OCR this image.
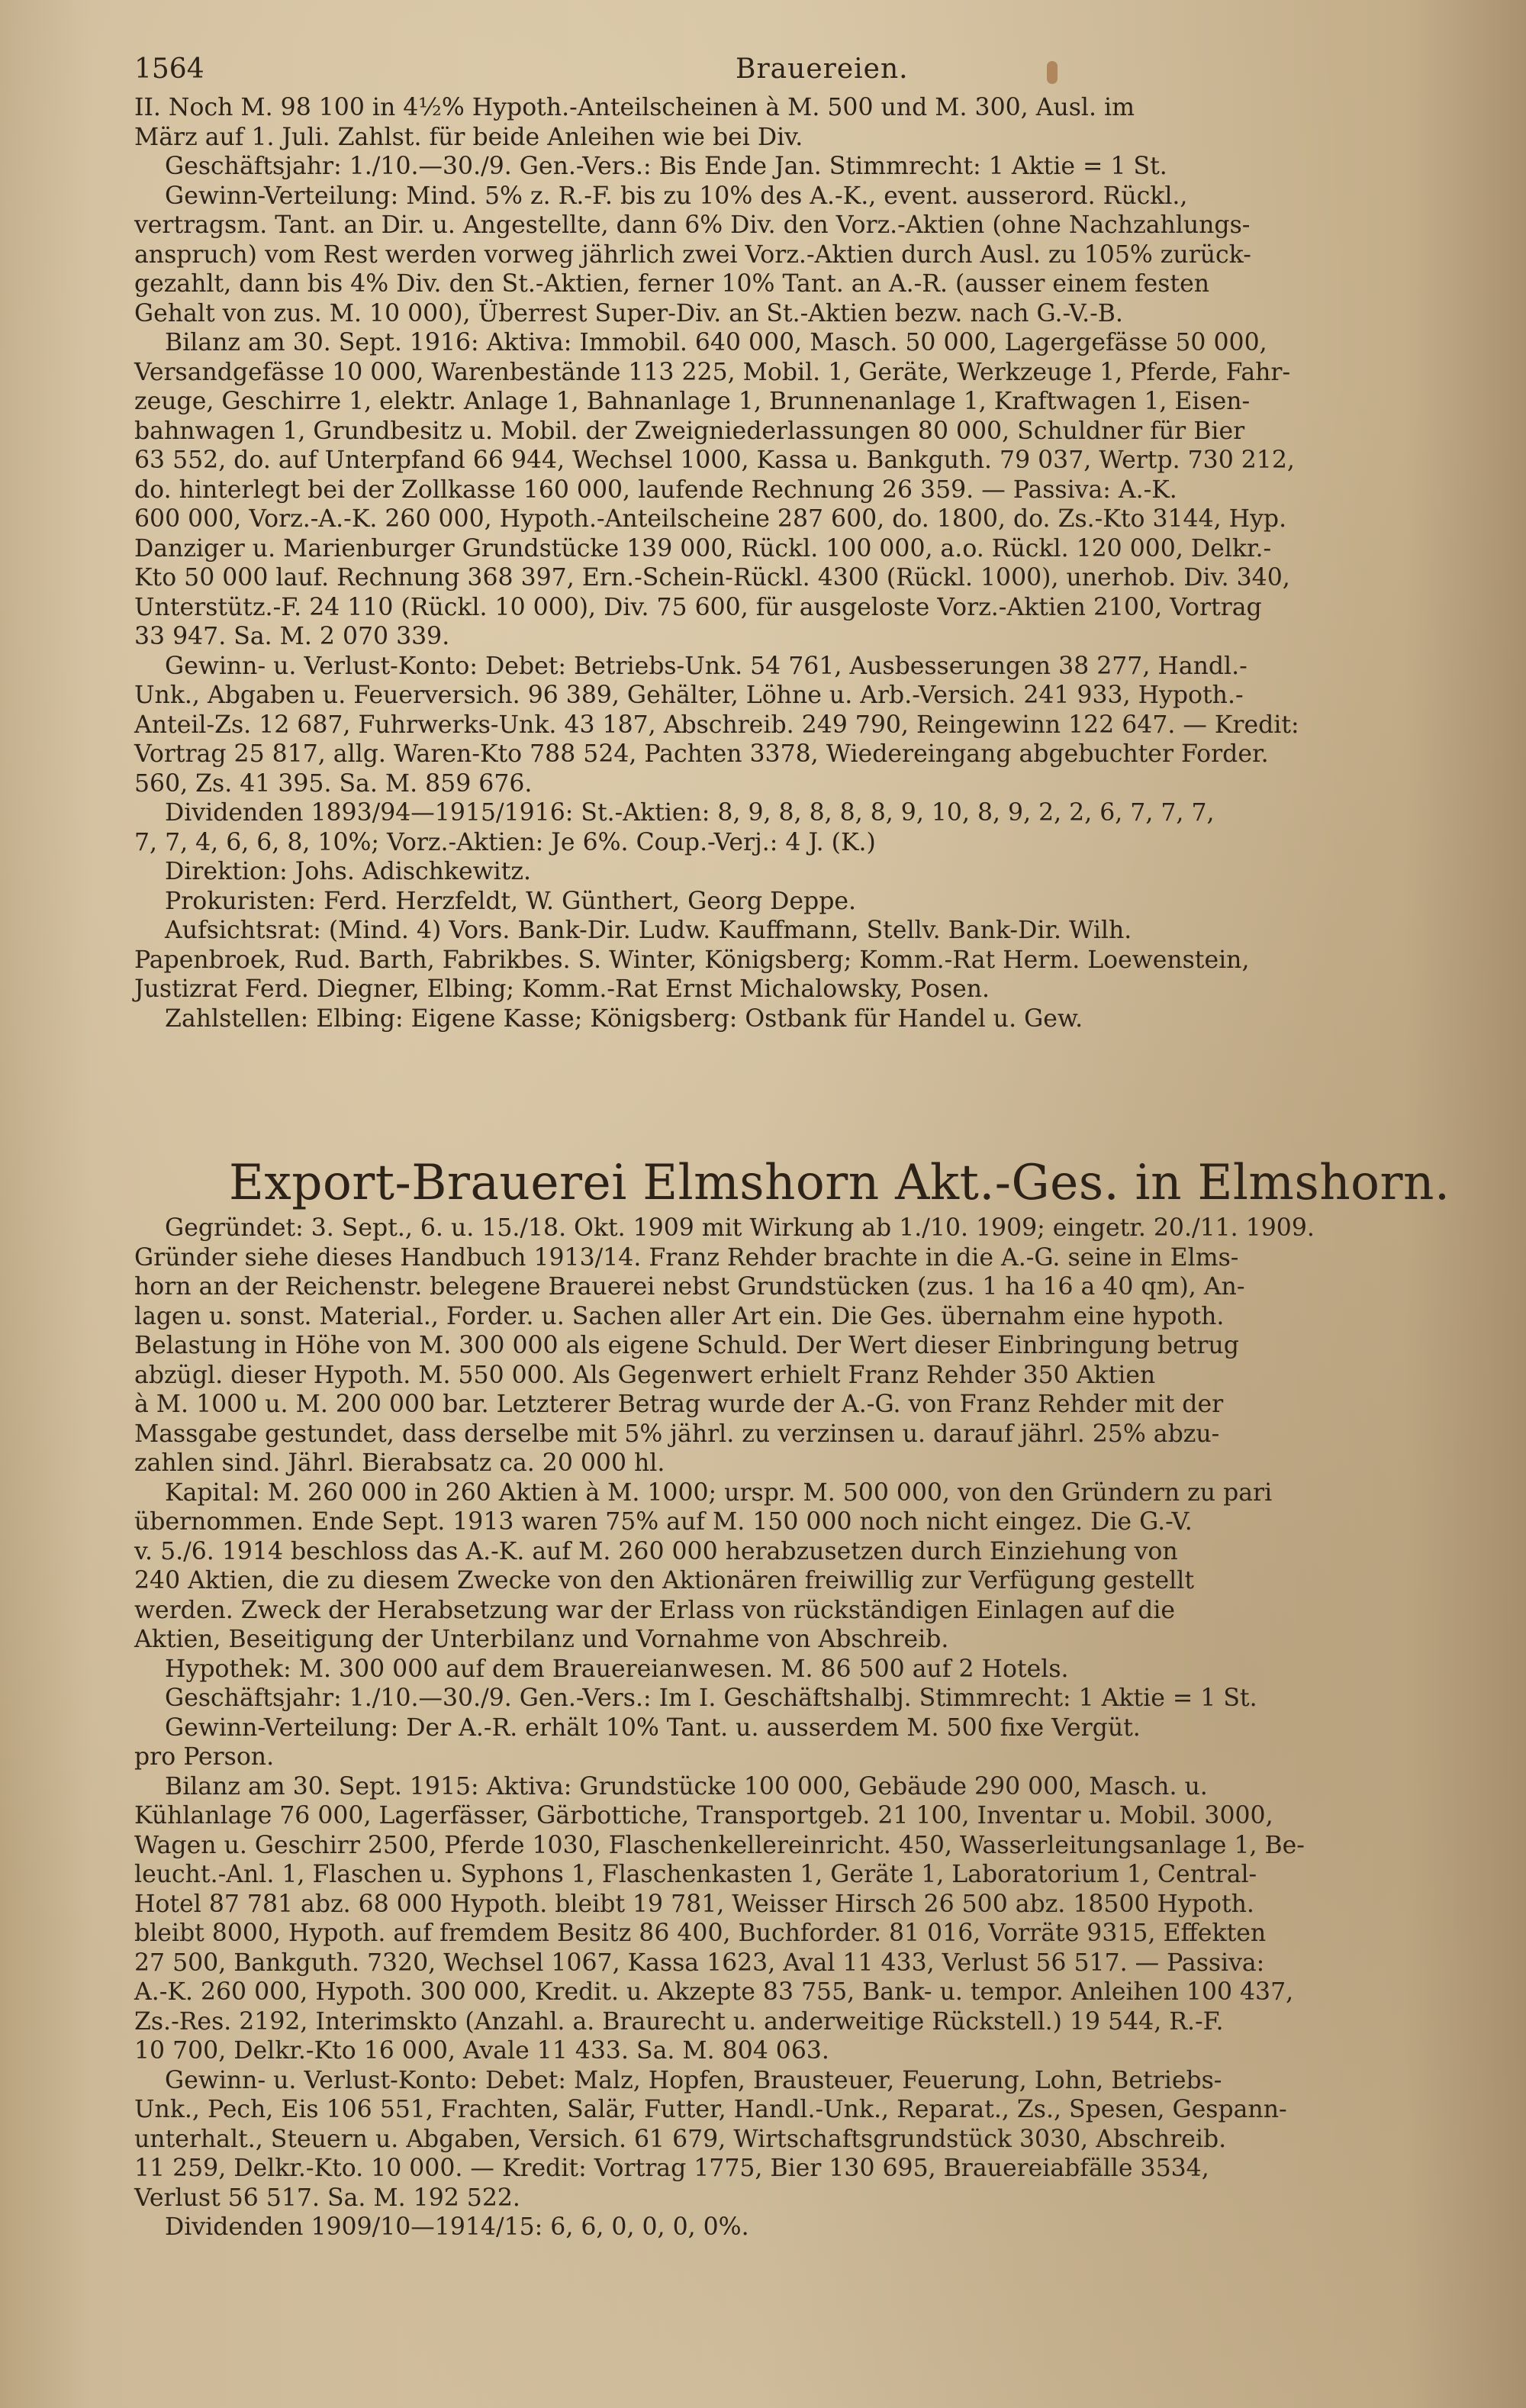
1564	Brauereien.

II. Noch M. 98 100 in 4½% Hypoth.-Anteilscheinen à M. 500 und M. 300, Ausl. im

März auf 1. Juli. Zahlst. für beide Anleihen wie bei Div.

Geschäftsjahr: 1./10.—30./9. Gen.-Vers.: Bis Ende Jan. Stimmrecht: 1 Aktie = 1 St.

Gewinn-Verteilung: Mind. 5% z. R.-F. bis zu 10% des A.-K., event. ausserord. Rückl.,

vertragsm. Tant. an Dir. u. Angestellte, dann 6% Div. den Vorz.-Aktien (ohne Nachzahlungs-

anspruch) vom Rest werden vorweg jährlich zwei Vorz.-Aktien durch Ausl. zu 105% zurück-

gezahlt, dann bis 4% Div. den St.-Aktien, ferner 10% Tant. an A.-R. (ausser einem festen

Gehalt von zus. M. 10 000), Überrest Super-Div. an St.-Aktien bezw. nach G.-V.-B.

Bilanz am 30. Sept. 1916: Aktiva: Immobil. 640 000, Masch. 50 000, Lagergefässe 50 000,

Versandgefässe 10 000, Warenbestände 113 225, Mobil. 1, Geräte, Werkzeuge 1, Pferde, Fahr-

zeuge, Geschirre 1, elektr. Anlage 1, Bahnanlage 1, Brunnenanlage 1, Kraftwagen 1, Eisen-

bahnwagen 1, Grundbesitz u. Mobil. der Zweigniederlassungen 80 000, Schuldner für Bier

63 552, do. auf Unterpfand 66 944, Wechsel 1000, Kassa u. Bankguth. 79 037, Wertp. 730 212,

do. hinterlegt bei der Zollkasse 160 000, laufende Rechnung 26 359. — Passiva: A.-K.

600 000, Vorz.-A.-K. 260 000, Hypoth.-Anteilscheine 287 600, do. 1800, do. Zs.-Kto 3144, Hyp.

Danziger u. Marienburger Grundstücke 139 000, Rückl. 100 000, a.o. Rückl. 120 000, Delkr.-

Kto 50 000 lauf. Rechnung 368 397, Ern.-Schein-Rückl. 4300 (Rückl. 1000), unerhob. Div. 340,

Unterstütz.-F. 24 110 (Rückl. 10 000), Div. 75 600, für ausgeloste Vorz.-Aktien 2100, Vortrag

33 947. Sa. M. 2 070 339.

Gewinn- u. Verlust-Konto: Debet: Betriebs-Unk. 54 761, Ausbesserungen 38 277, Handl.-

Unk., Abgaben u. Feuerversich. 96 389, Gehälter, Löhne u. Arb.-Versich. 241 933, Hypoth.-

Anteil-Zs. 12 687, Fuhrwerks-Unk. 43 187, Abschreib. 249 790, Reingewinn 122 647. — Kredit:

Vortrag 25 817, allg. Waren-Kto 788 524, Pachten 3378, Wiedereingang abgebuchter Forder.

560, Zs. 41 395. Sa. M. 859 676.

Dividenden 1893/94—1915/1916: St.-Aktien: 8, 9, 8, 8, 8, 8, 9, 10, 8, 9, 2, 2, 6, 7, 7, 7,

7, 7, 4, 6, 6, 8, 10%; Vorz.-Aktien: Je 6%. Coup.-Verj.: 4 J. (K.)

Direktion: Johs. Adischkewitz.

Prokuristen: Ferd. Herzfeldt, W. Günthert, Georg Deppe.

Aufsichtsrat: (Mind. 4) Vors. Bank-Dir. Ludw. Kauffmann, Stellv. Bank-Dir. Wilh.

Papenbroek, Rud. Barth, Fabrikbes. S. Winter, Königsberg; Komm.-Rat Herm. Loewenstein,

Justizrat Ferd. Diegner, Elbing; Komm.-Rat Ernst Michalowsky, Posen.

Zahlstellen: Elbing: Eigene Kasse; Königsberg: Ostbank für Handel u. Gew.

Export-Brauerei Elmshorn Akt.-Ges. in Elmshorn.

Gegründet: 3. Sept., 6. u. 15./18. Okt. 1909 mit Wirkung ab 1./10. 1909; eingetr. 20./11. 1909.

Gründer siehe dieses Handbuch 1913/14. Franz Rehder brachte in die A.-G. seine in Elms-

horn an der Reichenstr. belegene Brauerei nebst Grundstücken (zus. 1 ha 16 a 40 qm), An-

lagen u. sonst. Material., Forder. u. Sachen aller Art ein. Die Ges. übernahm eine hypoth.

Belastung in Höhe von M. 300 000 als eigene Schuld. Der Wert dieser Einbringung betrug

abzügl. dieser Hypoth. M. 550 000. Als Gegenwert erhielt Franz Rehder 350 Aktien

à M. 1000 u. M. 200 000 bar. Letzterer Betrag wurde der A.-G. von Franz Rehder mit der

Massgabe gestundet, dass derselbe mit 5% jährl. zu verzinsen u. darauf jährl. 25% abzu-

zahlen sind. Jährl. Bierabsatz ca. 20 000 hl.

Kapital: M. 260 000 in 260 Aktien à M. 1000; urspr. M. 500 000, von den Gründern zu pari

übernommen. Ende Sept. 1913 waren 75% auf M. 150 000 noch nicht eingez. Die G.-V.

v. 5./6. 1914 beschloss das A.-K. auf M. 260 000 herabzusetzen durch Einziehung von

240 Aktien, die zu diesem Zwecke von den Aktionären freiwillig zur Verfügung gestellt

werden. Zweck der Herabsetzung war der Erlass von rückständigen Einlagen auf die

Aktien, Beseitigung der Unterbilanz und Vornahme von Abschreib.

Hypothek: M. 300 000 auf dem Brauereianwesen. M. 86 500 auf 2 Hotels.

Geschäftsjahr: 1./10.—30./9. Gen.-Vers.: Im I. Geschäftshalbj. Stimmrecht: 1 Aktie = 1 St.

Gewinn-Verteilung: Der A.-R. erhält 10% Tant. u. ausserdem M. 500 fixe Vergüt.

pro Person.

Bilanz am 30. Sept. 1915: Aktiva: Grundstücke 100 000, Gebäude 290 000, Masch. u.

Kühlanlage 76 000, Lagerfässer, Gärbottiche, Transportgeb. 21 100, Inventar u. Mobil. 3000,

Wagen u. Geschirr 2500, Pferde 1030, Flaschenkellereinricht. 450, Wasserleitungsanlage 1, Be-

leucht.-Anl. 1, Flaschen u. Syphons 1, Flaschenkasten 1, Geräte 1, Laboratorium 1, Central-

Hotel 87 781 abz. 68 000 Hypoth. bleibt 19 781, Weisser Hirsch 26 500 abz. 18500 Hypoth.

bleibt 8000, Hypoth. auf fremdem Besitz 86 400, Buchforder. 81 016, Vorräte 9315, Effekten

27 500, Bankguth. 7320, Wechsel 1067, Kassa 1623, Aval 11 433, Verlust 56 517. — Passiva:

A.-K. 260 000, Hypoth. 300 000, Kredit. u. Akzepte 83 755, Bank- u. tempor. Anleihen 100 437,

Zs.-Res. 2192, Interimskto (Anzahl. a. Braurecht u. anderweitige Rückstell.) 19 544, R.-F.

10 700, Delkr.-Kto 16 000, Avale 11 433. Sa. M. 804 063.

Gewinn- u. Verlust-Konto: Debet: Malz, Hopfen, Brausteuer, Feuerung, Lohn, Betriebs-

Unk., Pech, Eis 106 551, Frachten, Salär, Futter, Handl.-Unk., Reparat., Zs., Spesen, Gespann-

unterhalt., Steuern u. Abgaben, Versich. 61 679, Wirtschaftsgrundstück 3030, Abschreib.

11 259, Delkr.-Kto. 10 000. — Kredit: Vortrag 1775, Bier 130 695, Brauereiabfälle 3534,

Verlust 56 517. Sa. M. 192 522.

Dividenden 1909/10—1914/15: 6, 6, 0, 0, 0, 0%.
